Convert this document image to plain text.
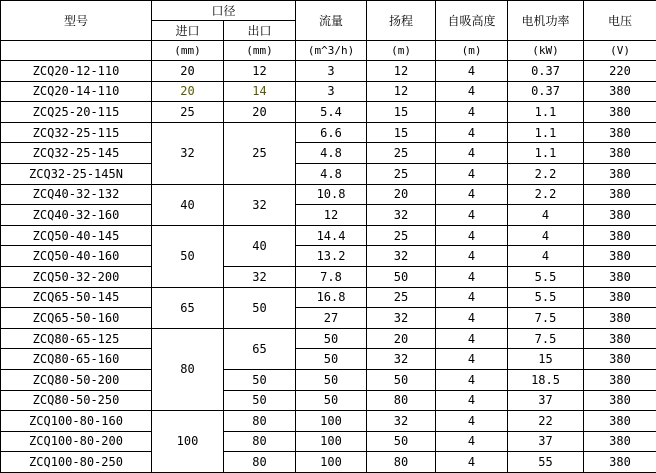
型号	口径		流量	扬程	自吸高度	电机功率	电压
	进口	出口					
	(mm)	(mm)	(m^3/h)	(m)	(m)	(kW)	(V)
ZCQ20-12-110	20	12	3	12	4	0.37	220
ZCQ20-14-110	20	14	3	12	4	0.37	380
ZCQ25-20-115	25	20	5.4	15	4	1.1	380
ZCQ32-25-115	32	25	6.6	15	4	1.1	380
ZCQ32-25-145			4.8	25	4	1.1	380
ZCQ32-25-145N			4.8	25	4	2.2	380
ZCQ40-32-132	40	32	10.8	20	4	2.2	380
ZCQ40-32-160			12	32	4	4	380
ZCQ50-40-145	50	40	14.4	25	4	4	380
ZCQ50-40-160			13.2	32	4	4	380
ZCQ50-32-200		32	7.8	50	4	5.5	380
ZCQ65-50-145	65	50	16.8	25	4	5.5	380
ZCQ65-50-160			27	32	4	7.5	380
ZCQ80-65-125	80	65	50	20	4	7.5	380
ZCQ80-65-160			50	32	4	15	380
ZCQ80-50-200		50	50	50	4	18.5	380
ZCQ80-50-250		50	50	80	4	37	380
ZCQ100-80-160	100	80	100	32	4	22	380
ZCQ100-80-200		80	100	50	4	37	380
ZCQ100-80-250		80	100	80	4	55	380
